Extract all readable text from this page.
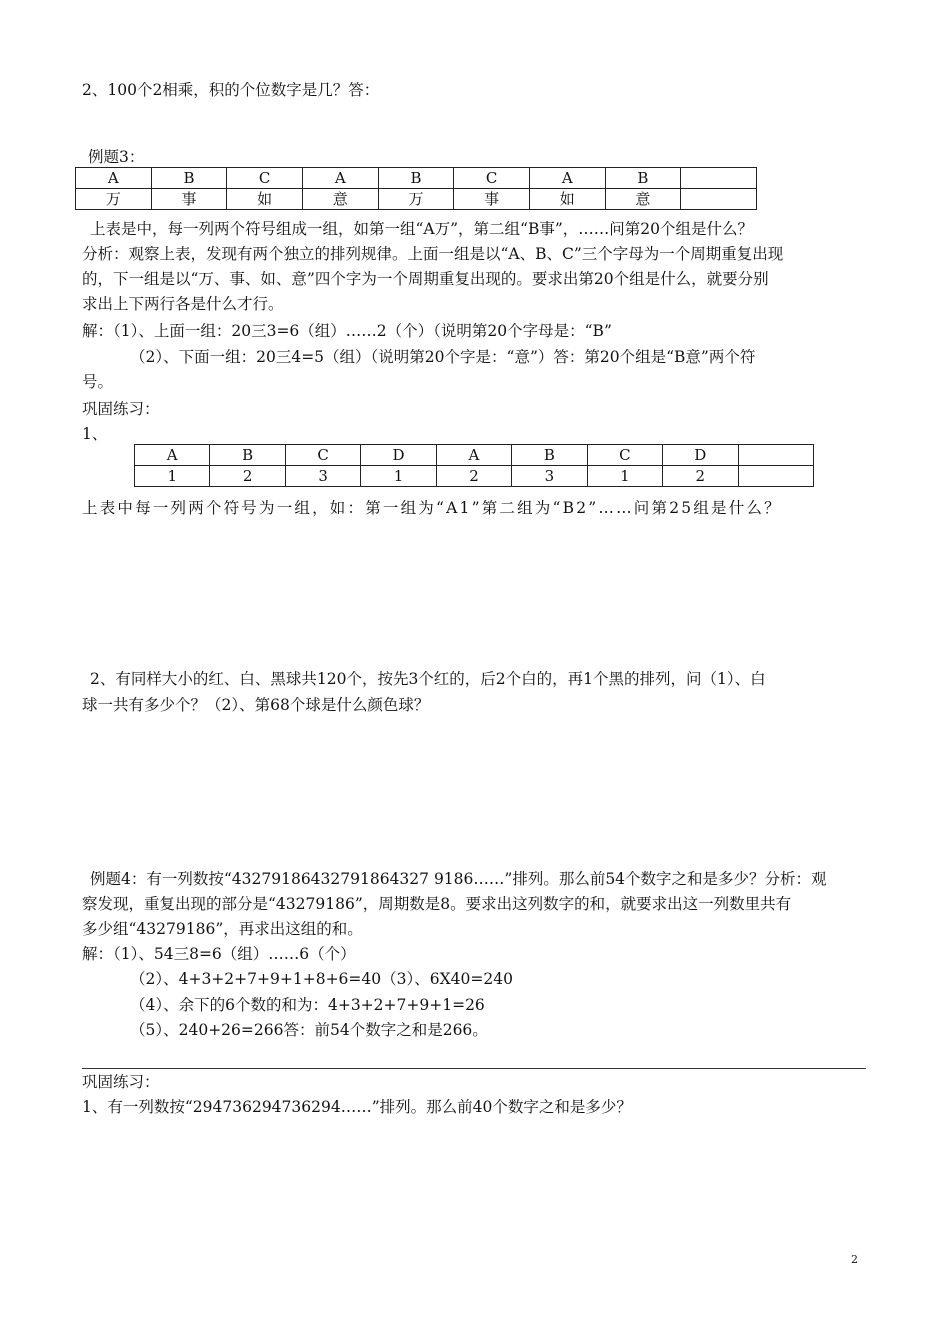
2、100个2相乘，积的个位数字是几？答：
例题3：
A	B	C	A	B	C	A	B	
万	事	如	意	万	事	如	意	
上表是中，每一列两个符号组成一组，如第一组“A万”，第二组“B事”，……问第20个组是什么？
分析：观察上表，发现有两个独立的排列规律。上面一组是以“A、B、C”三个字母为一个周期重复出现
的，下一组是以“万、事、如、意”四个字为一个周期重复出现的。要求出第20个组是什么，就要分别
求出上下两行各是什么才行。
解：（1）、上面一组：20三3=6（组）……2（个）（说明第20个字母是：“B”
（2）、下面一组：20三4=5（组）（说明第20个字是：“意”）答：第20个组是“B意”两个符
号。
巩固练习：
1、
A	B	C	D	A	B	C	D	
1	2	3	1	2	3	1	2	
上表中每一列两个符号为一组，如：第一组为“A1”第二组为“B2”……问第25组是什么？
2、有同样大小的红、白、黑球共120个，按先3个红的，后2个白的，再1个黑的排列，问（1）、白
球一共有多少个？（2）、第68个球是什么颜色球？
例题4：有一列数按“43279186432791864327 9186……”排列。那么前54个数字之和是多少？分析：观
察发现，重复出现的部分是“43279186”，周期数是8。要求出这列数字的和，就要求出这一列数里共有
多少组“43279186”，再求出这组的和。
解：（1）、54三8=6（组）……6（个）
（2）、4+3+2+7+9+1+8+6=40（3）、6X40=240
（4）、余下的6个数的和为：4+3+2+7+9+1=26
（5）、240+26=266答：前54个数字之和是266。
巩固练习：
1、有一列数按“294736294736294……”排列。那么前40个数字之和是多少？
2
